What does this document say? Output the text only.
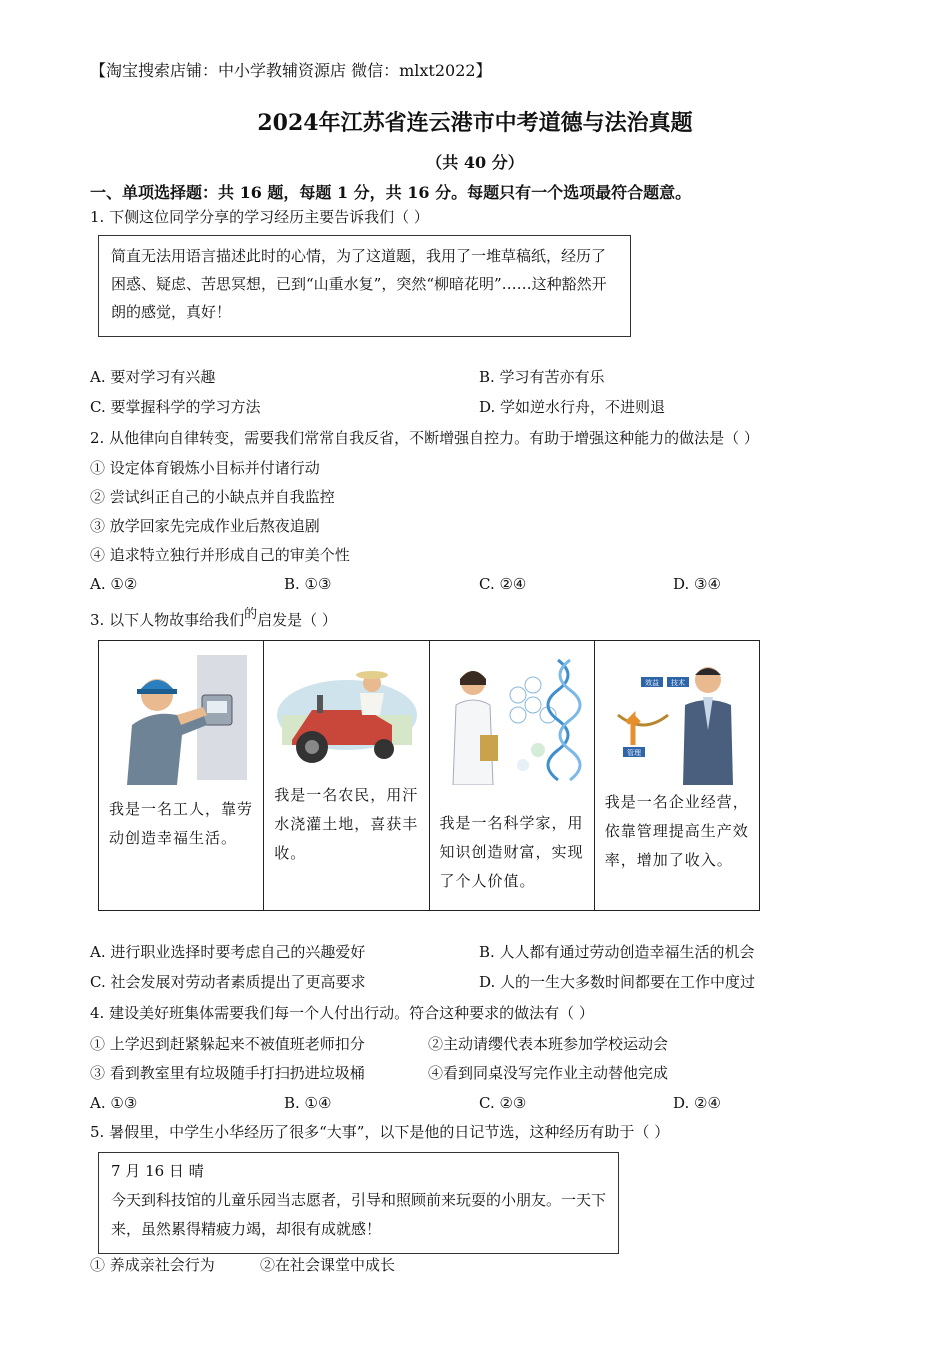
【淘宝搜索店铺：中小学教辅资源店 微信：mlxt2022】
2024年江苏省连云港市中考道德与法治真题
（共 40 分）
一、单项选择题：共 16 题，每题 1 分，共 16 分。每题只有一个选项最符合题意。
1. 下侧这位同学分享的学习经历主要告诉我们（ ）
简直无法用语言描述此时的心情，为了这道题，我用了一堆草稿纸，经历了困惑、疑虑、苦思冥想，已到“山重水复”，突然“柳暗花明”……这种豁然开朗的感觉，真好！
A. 要对学习有兴趣	B. 学习有苦亦有乐
C. 要掌握科学的学习方法	D. 学如逆水行舟，不进则退
2. 从他律向自律转变，需要我们常常自我反省，不断增强自控力。有助于增强这种能力的做法是（ ）
① 设定体育锻炼小目标并付诸行动
② 尝试纠正自己的小缺点并自我监控
③ 放学回家先完成作业后熬夜追剧
④ 追求特立独行并形成自己的审美个性
A. ①②	B. ①③	C. ②④	D. ③④
3. 以下人物故事给我们的启发是（ ）
我是一名工人，靠劳动创造幸福生活。
我是一名农民，用汗水浇灌土地，喜获丰收。
我是一名科学家，用知识创造财富，实现了个人价值。
效益 技术
管理
我是一名企业经营，依靠管理提高生产效率，增加了收入。
A. 进行职业选择时要考虑自己的兴趣爱好	B. 人人都有通过劳动创造幸福生活的机会
C. 社会发展对劳动者素质提出了更高要求	D. 人的一生大多数时间都要在工作中度过
4. 建设美好班集体需要我们每一个人付出行动。符合这种要求的做法有（ ）
① 上学迟到赶紧躲起来不被值班老师扣分	②主动请缨代表本班参加学校运动会
③ 看到教室里有垃圾随手打扫扔进垃圾桶	④看到同桌没写完作业主动替他完成
A. ①③	B. ①④	C. ②③	D. ②④
5. 暑假里，中学生小华经历了很多“大事”，以下是他的日记节选，这种经历有助于（ ）
7 月 16 日 晴
今天到科技馆的儿童乐园当志愿者，引导和照顾前来玩耍的小朋友。一天下来，虽然累得精疲力竭，却很有成就感！
① 养成亲社会行为	②在社会课堂中成长
